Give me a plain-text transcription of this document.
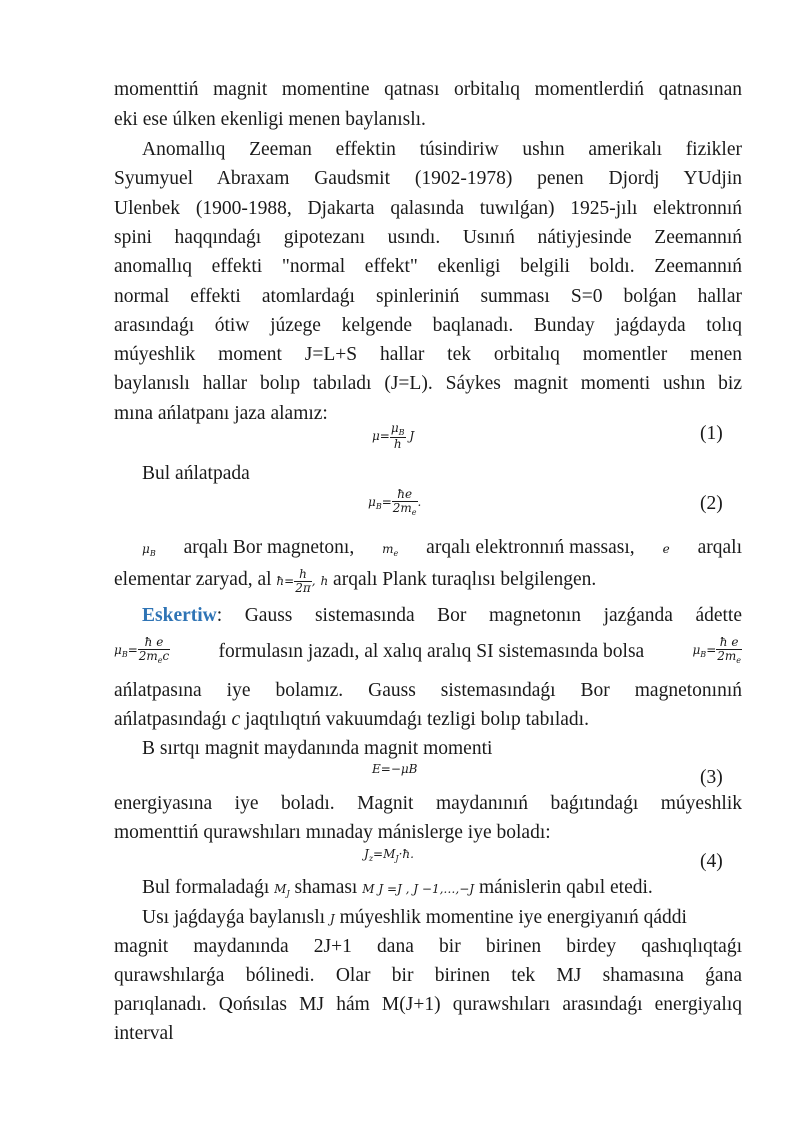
momenttiń magnit momentine qatnası orbitalıq momentlerdiń qatnasınan
eki ese úlken ekenligi menen baylanıslı.
Anomallıq Zeeman effektin túsindiriw ushın amerikalı fizikler
Syumyuel Abraxam Gaudsmit (1902-1978) penen Djordj YUdjin
Ulenbek (1900-1988, Djakarta qalasında tuwılǵan) 1925-jılı elektronnıń
spini haqqındaǵı gipotezanı usındı. Usınıń nátiyjesinde Zeemannıń
anomallıq effekti "normal effekt" ekenligi belgili boldı. Zeemannıń
normal effekti atomlardaǵı spinleriniń summası S=0 bolǵan hallar
arasındaǵı ótiw júzege kelgende baqlanadı. Bunday jaǵdayda tolıq
múyeshlik moment J=L+S hallar tek orbitalıq momentler menen
baylanıslı hallar bolıp tabıladı (J=L). Sáykes magnit momenti ushın biz
mına ańlatpanı jaza alamız:
$\mu= \frac{\mu_B}{h}$ J	(1)
Bul ańlatpada
$\mu_B= \frac{ħe}{2m_e}$ .	(2)
$\mu_B$ arqalı Bor magnetonı, $m_e$ arqalı elektronnıń massası, e arqalı
elementar zaryad, al ħ= $\frac{h}{2\pi}$ , h arqalı Plank turaqlısı belgilengen.
Eskertiw: Gauss sistemasında Bor magnetonın jazǵanda ádette
$\mu_B= \frac{\text{ħ e}}{2m_ec}$ formulasın jazadı, al xalıq aralıq SI sistemasında bolsa	$\mu_B= \frac{\text{ħ e}}{2m_e}$
ańlatpasına iye bolamız. Gauss sistemasındaǵı Bor magnetonınıń
ańlatpasındaǵı c jaqtılıqtıń vakuumdaǵı tezligi bolıp tabıladı.
B sırtqı magnit maydanında magnit momenti
E=−μB	(3)
energiyasına iye boladı. Magnit maydanınıń baǵıtındaǵı múyeshlik
momenttiń qurawshıları mınaday mánislerge iye boladı:
$J_z=M_J\cdot ħ$.	(4)
Bul formaladaǵı $M_J$ shaması M J =J , J −1,…,−J mánislerin qabıl etedi.
Usı jaǵdayǵa baylanıslı J múyeshlik momentine iye energiyanıń qáddi
magnit maydanında 2J+1 dana bir birinen birdey qashıqlıqtaǵı
qurawshılarǵa bólinedi. Olar bir birinen tek MJ shamasına ǵana
parıqlanadı. Qońsılas MJ hám M(J+1) qurawshıları arasındaǵı energiyalıq
interval
